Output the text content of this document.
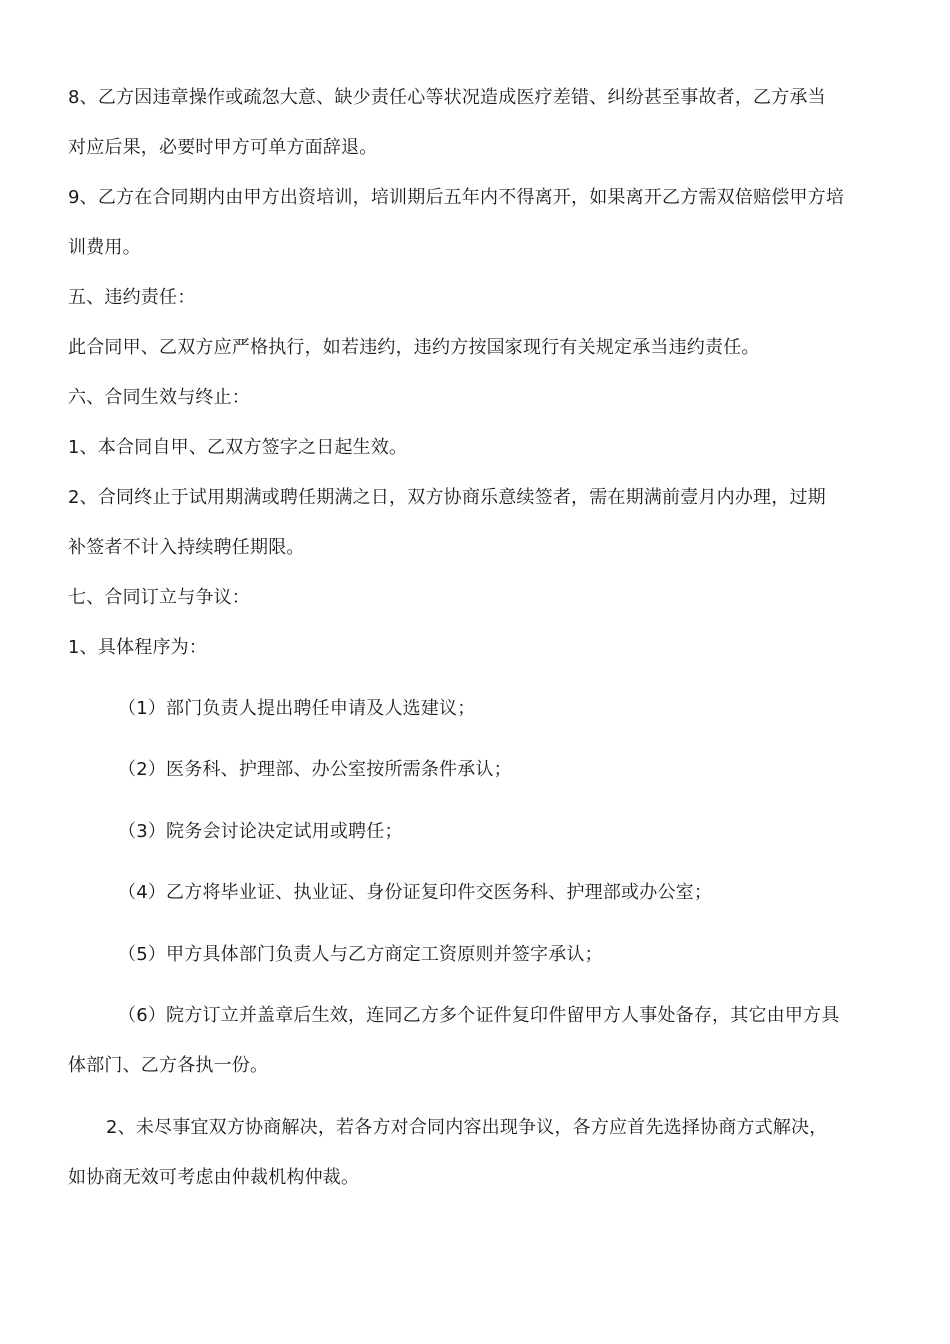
8、乙方因违章操作或疏忽大意、缺少责任心等状况造成医疗差错、纠纷甚至事故者，乙方承当

对应后果，必要时甲方可单方面辞退。

9、乙方在合同期内由甲方出资培训，培训期后五年内不得离开，如果离开乙方需双倍赔偿甲方培

训费用。

五、违约责任：

此合同甲、乙双方应严格执行，如若违约，违约方按国家现行有关规定承当违约责任。

六、合同生效与终止：

1、本合同自甲、乙双方签字之日起生效。

2、合同终止于试用期满或聘任期满之日，双方协商乐意续签者，需在期满前壹月内办理，过期

补签者不计入持续聘任期限。

七、合同订立与争议：

1、具体程序为：

（1）部门负责人提出聘任申请及人选建议；

（2）医务科、护理部、办公室按所需条件承认；

（3）院务会讨论决定试用或聘任；

（4）乙方将毕业证、执业证、身份证复印件交医务科、护理部或办公室；

（5）甲方具体部门负责人与乙方商定工资原则并签字承认；

（6）院方订立并盖章后生效，连同乙方多个证件复印件留甲方人事处备存，其它由甲方具

体部门、乙方各执一份。

2、未尽事宜双方协商解决，若各方对合同内容出现争议，各方应首先选择协商方式解决，

如协商无效可考虑由仲裁机构仲裁。
